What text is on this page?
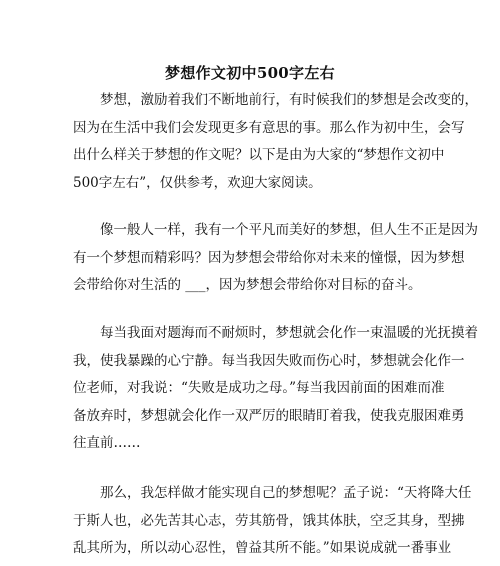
梦想作文初中500字左右
　　梦想，激励着我们不断地前行，有时候我们的梦想是会改变的，
因为在生活中我们会发现更多有意思的事。那么作为初中生，会写
出什么样关于梦想的作文呢？以下是由为大家的“梦想作文初中
500字左右”，仅供参考，欢迎大家阅读。
　　像一般人一样，我有一个平凡而美好的梦想，但人生不正是因为
有一个梦想而精彩吗？因为梦想会带给你对未来的憧憬，因为梦想
会带给你对生活的 ___，因为梦想会带给你对目标的奋斗。
　　每当我面对题海而不耐烦时，梦想就会化作一束温暖的光抚摸着
我，使我暴躁的心宁静。每当我因失败而伤心时，梦想就会化作一
位老师，对我说：“失败是成功之母。”每当我因前面的困难而准
备放弃时，梦想就会化作一双严厉的眼睛盯着我，使我克服困难勇
往直前……
　　那么，我怎样做才能实现自己的梦想呢？孟子说：“天将降大任
于斯人也，必先苦其心志，劳其筋骨，饿其体肤，空乏其身，型拂
乱其所为，所以动心忍性，曾益其所不能。”如果说成就一番事业
